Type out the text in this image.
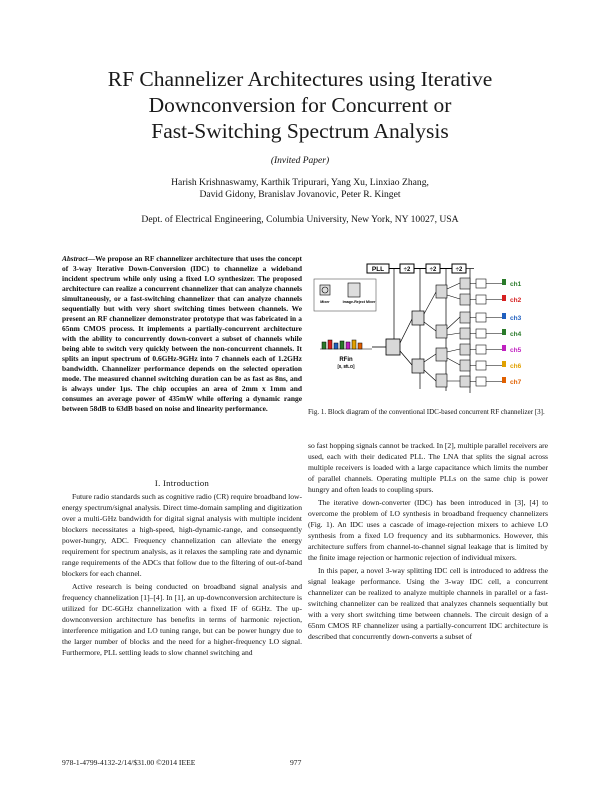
RF Channelizer Architectures using Iterative
Downconversion for Concurrent or
Fast-Switching Spectrum Analysis
(Invited Paper)
Harish Krishnaswamy, Karthik Tripurari, Yang Xu, Linxiao Zhang,
David Gidony, Branislav Jovanovic, Peter R. Kinget
Dept. of Electrical Engineering, Columbia University, New York, NY 10027, USA
Abstract—We propose an RF channelizer architecture that uses the concept of 3-way Iterative Down-Conversion (IDC) to channelize a wideband incident spectrum while only using a fixed LO synthesizer. The proposed architecture can realize a concurrent channelizer that can analyze channels simultaneously, or a fast-switching channelizer that can analyze channels sequentially but with very short switching times between channels. We present an RF channelizer demonstrator prototype that was fabricated in a 65nm CMOS process. It implements a partially-concurrent architecture with the ability to concurrently down-convert a subset of channels while being able to switch very quickly between the non-concurrent channels. It splits an input spectrum of 0.6GHz-9GHz into 7 channels each of 1.2GHz bandwidth. Channelizer performance depends on the selected operation mode. The measured channel switching duration can be as fast as 8ns, and is always under 1μs. The chip occupies an area of 2mm x 1mm and consumes an average power of 435mW while offering a dynamic range between 58dB to 63dB based on noise and linearity performance.
I. Introduction

Future radio standards such as cognitive radio (CR) require broadband low-energy spectrum/signal analysis. Direct time-domain sampling and digitization over a multi-GHz bandwidth for digital signal analysis with multiple incident blockers necessitates a high-speed, high-dynamic-range, and consequently power-hungry, ADC. Frequency channelization can alleviate the energy requirement for spectrum analysis, as it relaxes the sampling rate and dynamic range requirements of the ADCs that follow due to the filtering of out-of-band blockers for each channel.

Active research is being conducted on broadband signal analysis and frequency channelization [1]–[4]. In [1], an up-downconversion architecture is utilized for DC-6GHz channelization with a fixed IF of 6GHz. The up-downconversion architecture has benefits in terms of harmonic rejection, interference mitigation and LO tuning range, but can be power hungry due to the larger number of blocks and the need for a higher-frequency LO signal. Furthermore, PLL settling leads to slow channel switching and

PLL	÷2	÷2	÷2
Mixer	Image-Reject Mixer
RFin
[0, 8fLO]
ch1
ch2
ch3
ch4
ch5
ch6
ch7
Fig. 1. Block diagram of the conventional IDC-based concurrent RF channelizer [3].

so fast hopping signals cannot be tracked. In [2], multiple parallel receivers are used, each with their dedicated PLL. The LNA that splits the signal across multiple receivers is loaded with a large capacitance which limits the number of parallel channels. Operating multiple PLLs on the same chip is power hungry and often leads to coupling spurs.

The iterative down-converter (IDC) has been introduced in [3], [4] to overcome the problem of LO synthesis in broadband frequency channelizers (Fig. 1). An IDC uses a cascade of image-rejection mixers to achieve LO synthesis from a fixed LO frequency and its subharmonics. However, this architecture suffers from channel-to-channel signal leakage that is limited by the finite image rejection or harmonic rejection of individual mixers.

In this paper, a novel 3-way splitting IDC cell is introduced to address the signal leakage performance. Using the 3-way IDC cell, a concurrent channelizer can be realized to analyze multiple channels in parallel or a fast-switching channelizer can be realized that analyzes channels sequentially but with a very short switching time between channels. The circuit design of a 65nm CMOS RF channelizer using a partially-concurrent IDC architecture is described that concurrently down-converts a subset of

978-1-4799-4132-2/14/$31.00 ©2014 IEEE	977
